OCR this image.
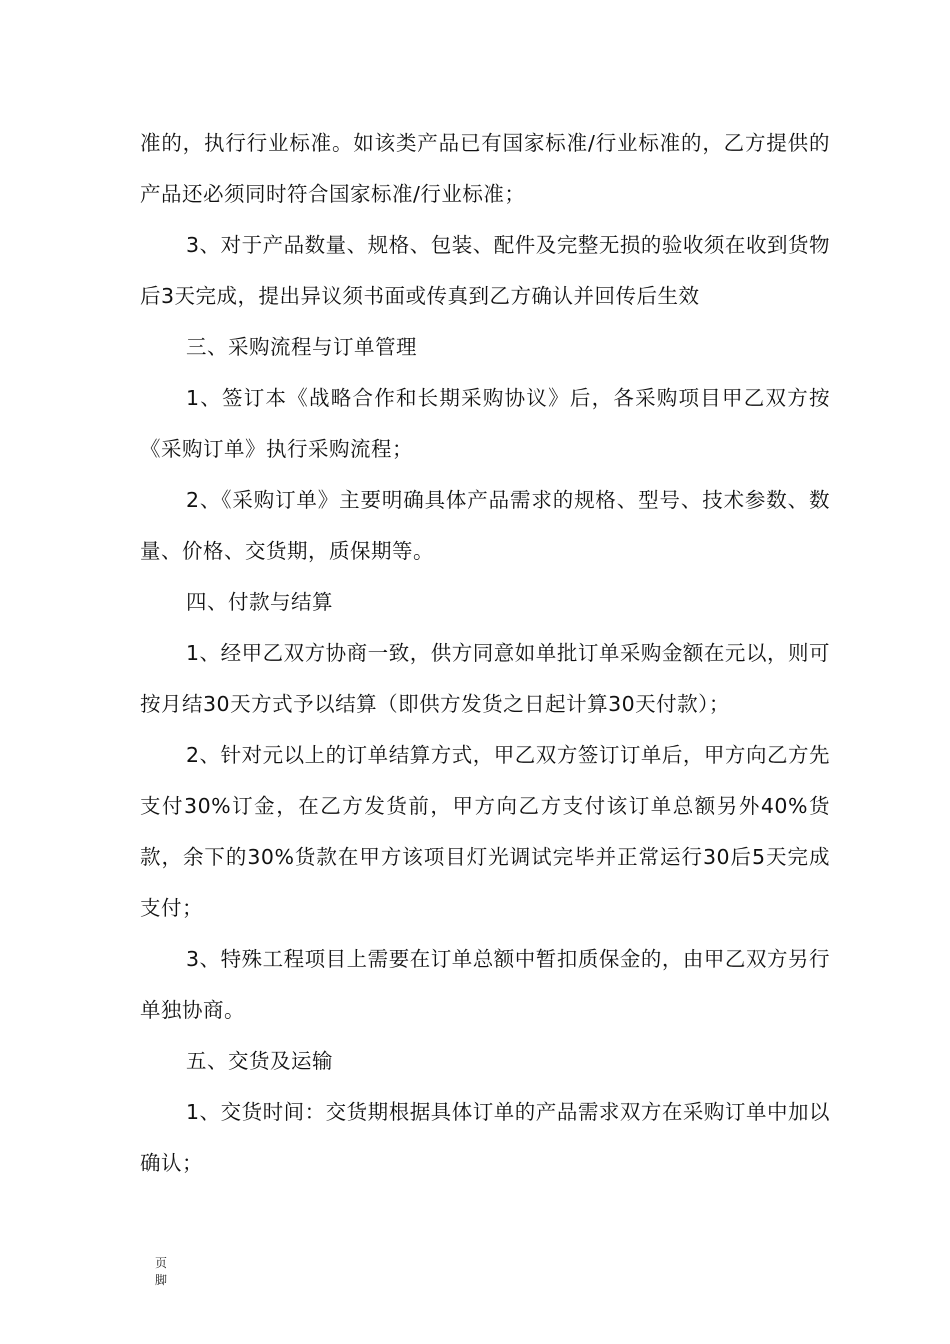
准的，执行行业标准。如该类产品已有国家标准/行业标准的，乙方提供的产品还必须同时符合国家标准/行业标准；

3、对于产品数量、规格、包装、配件及完整无损的验收须在收到货物后3天完成，提出异议须书面或传真到乙方确认并回传后生效

三、采购流程与订单管理

1、签订本《战略合作和长期采购协议》后，各采购项目甲乙双方按《采购订单》执行采购流程；

2、《采购订单》主要明确具体产品需求的规格、型号、技术参数、数量、价格、交货期，质保期等。

四、付款与结算

1、经甲乙双方协商一致，供方同意如单批订单采购金额在元以，则可按月结30天方式予以结算（即供方发货之日起计算30天付款）；

2、针对元以上的订单结算方式，甲乙双方签订订单后，甲方向乙方先支付30%订金，在乙方发货前，甲方向乙方支付该订单总额另外40%货款，余下的30%货款在甲方该项目灯光调试完毕并正常运行30后5天完成支付；

3、特殊工程项目上需要在订单总额中暂扣质保金的，由甲乙双方另行单独协商。

五、交货及运输

1、交货时间：交货期根据具体订单的产品需求双方在采购订单中加以确认；

页
脚
